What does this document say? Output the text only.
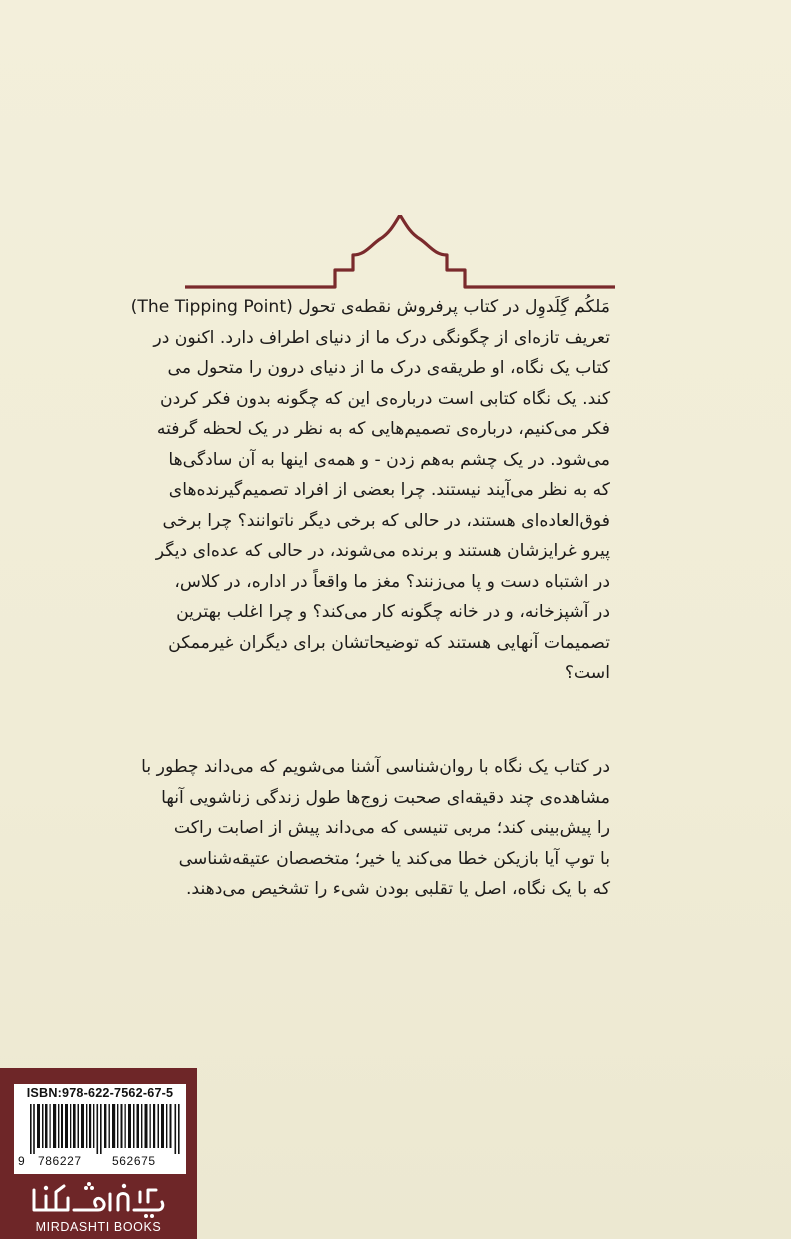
مَلکُم گِلَدوِل در کتاب پرفروش نقطه‌ی تحول (The Tipping Point)
تعریف تازه‌ای از چگونگی درک ما از دنیای اطراف دارد. اکنون در
کتاب یک نگاه، او طریقه‌ی درک ما از دنیای درون را متحول می
کند. یک نگاه کتابی است درباره‌ی این که چگونه بدون فکر کردن
فکر می‌کنیم، درباره‌ی تصمیم‌هایی که به نظر در یک لحظه گرفته
می‌شود. در یک چشم به‌هم زدن - و همه‌ی اینها به آن سادگی‌ها
که به نظر می‌آیند نیستند. چرا بعضی از افراد تصمیم‌گیرنده‌های
فوق‌العاده‌ای هستند، در حالی که برخی دیگر ناتوانند؟ چرا برخی
پیرو غرایزشان هستند و برنده می‌شوند، در حالی که عده‌ای دیگر
در اشتباه دست و پا می‌زنند؟ مغز ما واقعاً در اداره، در کلاس،
در آشپزخانه، و در خانه چگونه کار می‌کند؟ و چرا اغلب بهترین
تصمیمات آنهایی هستند که توضیحاتشان برای دیگران غیرممکن
است؟
در کتاب یک نگاه با روان‌شناسی آشنا می‌شویم که می‌داند چطور با
مشاهده‌ی چند دقیقه‌ای صحبت زوج‌ها طول زندگی زناشویی آنها
را پیش‌بینی کند؛ مربی تنیسی که می‌داند پیش از اصابت راکت
با توپ آیا بازیکن خطا می‌کند یا خیر؛ متخصصان عتیقه‌شناسی
که با یک نگاه، اصل یا تقلبی بودن شیء را تشخیص می‌دهند.
ISBN:978-622-7562-67-5
9 786227	562675
MIRDASHTI BOOKS
